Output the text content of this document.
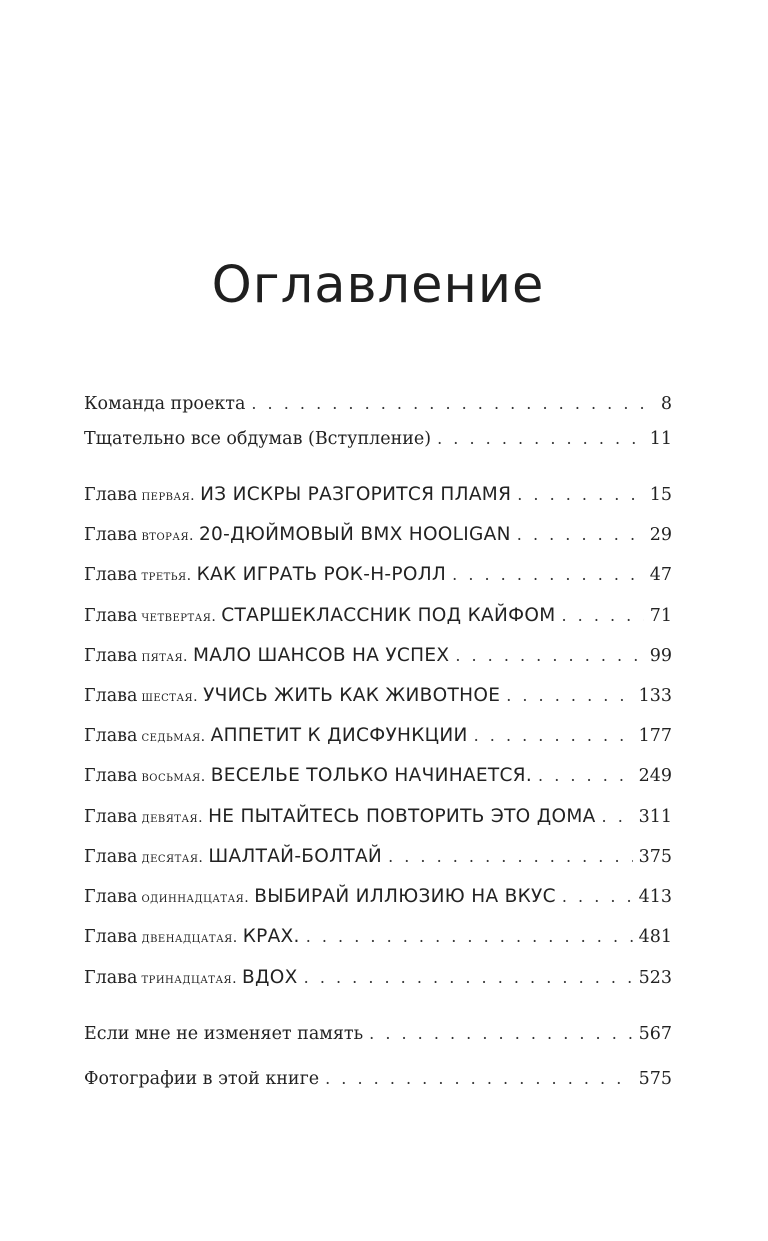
Оглавление
Команда проекта . . .	8
Тщательно все обдумав (Вступление) . . .	11
Глава первая. ИЗ ИСКРЫ РАЗГОРИТСЯ ПЛАМЯ . . .	15
Глава вторая. 20-ДЮЙМОВЫЙ BMX HOOLIGAN . . .	29
Глава третья. КАК ИГРАТЬ РОК-Н-РОЛЛ . . .	47
Глава четвертая. СТАРШЕКЛАССНИК ПОД КАЙФОМ . . .	71
Глава пятая. МАЛО ШАНСОВ НА УСПЕХ . . .	99
Глава шестая. УЧИСЬ ЖИТЬ КАК ЖИВОТНОЕ . . .	133
Глава седьмая. АППЕТИТ К ДИСФУНКЦИИ . . .	177
Глава восьмая. ВЕСЕЛЬЕ ТОЛЬКО НАЧИНАЕТСЯ. . . .	249
Глава девятая. НЕ ПЫТАЙТЕСЬ ПОВТОРИТЬ ЭТО ДОМА . . . 311
Глава десятая. ШАЛТАЙ-БОЛТАЙ . . .	375
Глава одиннадцатая. ВЫБИРАЙ ИЛЛЮЗИЮ НА ВКУС . . .	413
Глава двенадцатая. КРАХ. . . .	481
Глава тринадцатая. ВДОХ . . .	523
Если мне не изменяет память . . .	567
Фотографии в этой книге . . .	575
